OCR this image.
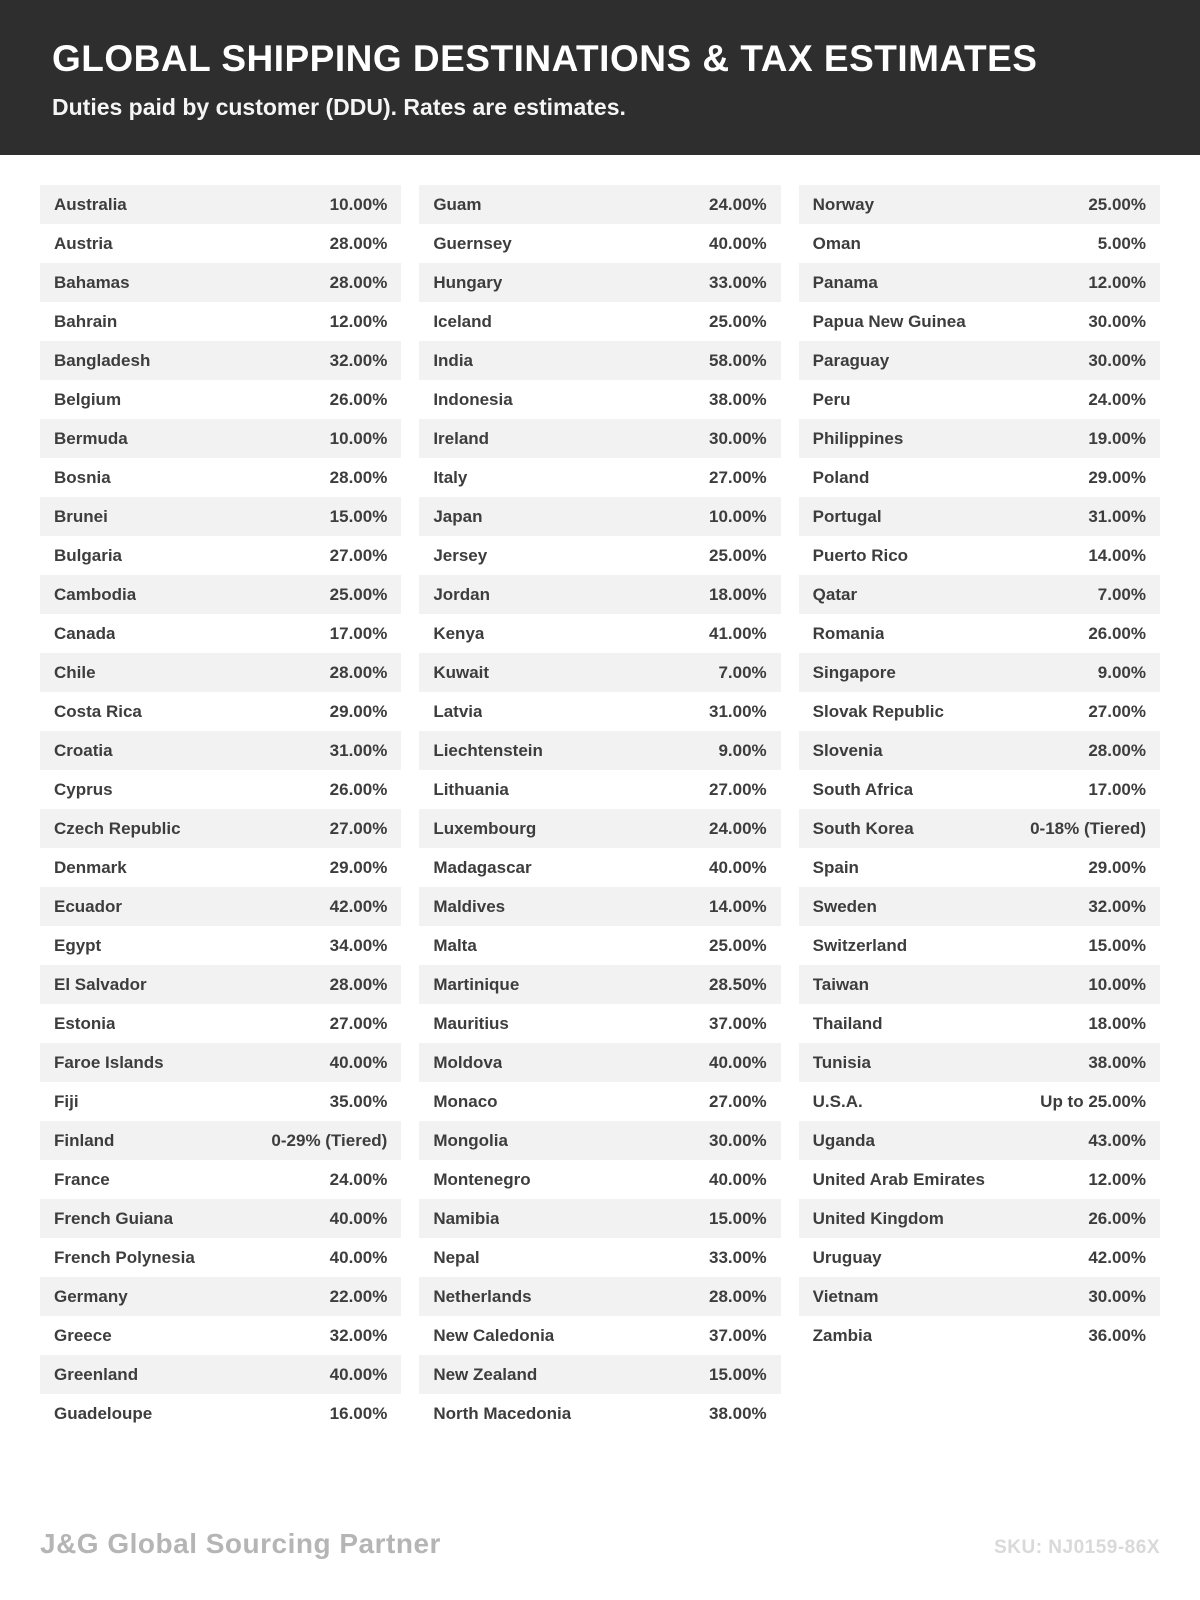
GLOBAL SHIPPING DESTINATIONS & TAX ESTIMATES
Duties paid by customer (DDU). Rates are estimates.
Australia	10.00%
Austria	28.00%
Bahamas	28.00%
Bahrain	12.00%
Bangladesh	32.00%
Belgium	26.00%
Bermuda	10.00%
Bosnia	28.00%
Brunei	15.00%
Bulgaria	27.00%
Cambodia	25.00%
Canada	17.00%
Chile	28.00%
Costa Rica	29.00%
Croatia	31.00%
Cyprus	26.00%
Czech Republic	27.00%
Denmark	29.00%
Ecuador	42.00%
Egypt	34.00%
El Salvador	28.00%
Estonia	27.00%
Faroe Islands	40.00%
Fiji	35.00%
Finland	0-29% (Tiered)
France	24.00%
French Guiana	40.00%
French Polynesia	40.00%
Germany	22.00%
Greece	32.00%
Greenland	40.00%
Guadeloupe	16.00%
Guam	24.00%
Guernsey	40.00%
Hungary	33.00%
Iceland	25.00%
India	58.00%
Indonesia	38.00%
Ireland	30.00%
Italy	27.00%
Japan	10.00%
Jersey	25.00%
Jordan	18.00%
Kenya	41.00%
Kuwait	7.00%
Latvia	31.00%
Liechtenstein	9.00%
Lithuania	27.00%
Luxembourg	24.00%
Madagascar	40.00%
Maldives	14.00%
Malta	25.00%
Martinique	28.50%
Mauritius	37.00%
Moldova	40.00%
Monaco	27.00%
Mongolia	30.00%
Montenegro	40.00%
Namibia	15.00%
Nepal	33.00%
Netherlands	28.00%
New Caledonia	37.00%
New Zealand	15.00%
North Macedonia	38.00%
Norway	25.00%
Oman	5.00%
Panama	12.00%
Papua New Guinea	30.00%
Paraguay	30.00%
Peru	24.00%
Philippines	19.00%
Poland	29.00%
Portugal	31.00%
Puerto Rico	14.00%
Qatar	7.00%
Romania	26.00%
Singapore	9.00%
Slovak Republic	27.00%
Slovenia	28.00%
South Africa	17.00%
South Korea	0-18% (Tiered)
Spain	29.00%
Sweden	32.00%
Switzerland	15.00%
Taiwan	10.00%
Thailand	18.00%
Tunisia	38.00%
U.S.A.	Up to 25.00%
Uganda	43.00%
United Arab Emirates	12.00%
United Kingdom	26.00%
Uruguay	42.00%
Vietnam	30.00%
Zambia	36.00%
J&G Global Sourcing Partner	SKU: NJ0159-86X
